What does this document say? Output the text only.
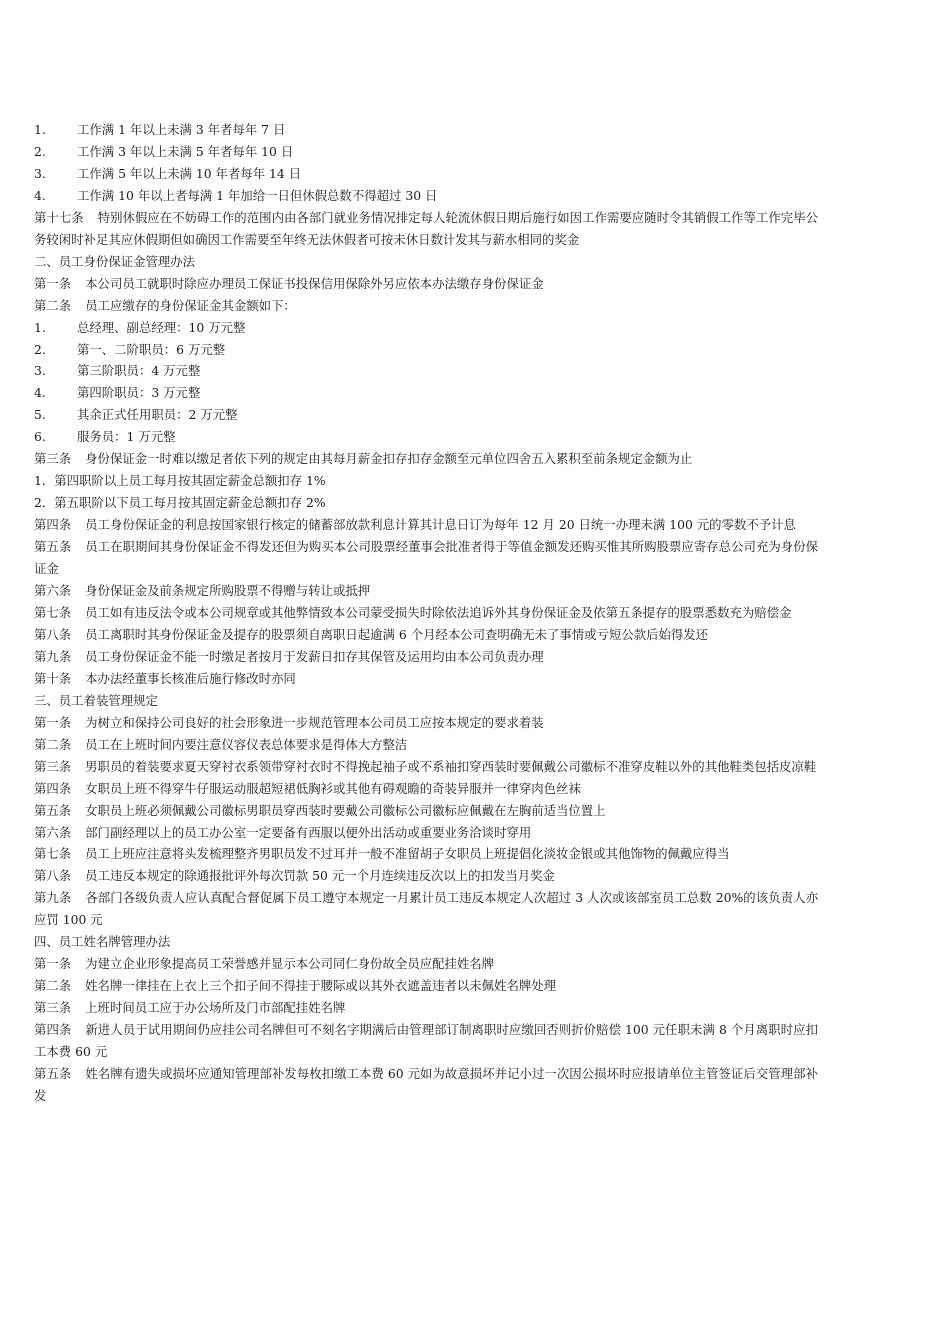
1.	工作满 1 年以上未满 3 年者每年 7 日
2.	工作满 3 年以上未满 5 年者每年 10 日
3.	工作满 5 年以上未满 10 年者每年 14 日
4.	工作满 10 年以上者每满 1 年加给一日但休假总数不得超过 30 日
第十七条 特别休假应在不妨碍工作的范围内由各部门就业务情况排定每人轮流休假日期后施行如因工作需要应随时令其销假工作等工作完毕公务较闲时补足其应休假期但如确因工作需要至年终无法休假者可按未休日数计发其与薪水相同的奖金
二、员工身份保证金管理办法
第一条 本公司员工就职时除应办理员工保证书投保信用保除外另应依本办法缴存身份保证金
第二条 员工应缴存的身份保证金其金额如下：
1.	总经理、副总经理：10 万元整
2.	第一、二阶职员：6 万元整
3.	第三阶职员：4 万元整
4.	第四阶职员：3 万元整
5.	其余正式任用职员：2 万元整
6.	服务员：1 万元整
第三条 身份保证金一时难以缴足者依下列的规定由其每月薪金扣存扣存金额至元单位四舍五入累积至前条规定金额为止
1．第四职阶以上员工每月按其固定薪金总额扣存 1%
2．第五职阶以下员工每月按其固定薪金总额扣存 2%
第四条 员工身份保证金的利息按国家银行核定的储蓄部放款利息计算其计息日订为每年 12 月 20 日统一办理未满 100 元的零数不予计息
第五条 员工在职期间其身份保证金不得发还但为购买本公司股票经董事会批准者得于等值金额发还购买惟其所购股票应寄存总公司充为身份保证金
第六条 身份保证金及前条规定所购股票不得赠与转让或抵押
第七条 员工如有违反法令或本公司规章或其他弊情致本公司蒙受损失时除依法追诉外其身份保证金及依第五条提存的股票悉数充为赔偿金
第八条 员工离职时其身份保证金及提存的股票须自离职日起逾满 6 个月经本公司查明确无未了事情或亏短公款后始得发还
第九条 员工身份保证金不能一时缴足者按月于发薪日扣存其保管及运用均由本公司负责办理
第十条 本办法经董事长核准后施行修改时亦同
三、员工着装管理规定
第一条 为树立和保持公司良好的社会形象进一步规范管理本公司员工应按本规定的要求着装
第二条 员工在上班时间内要注意仪容仪表总体要求是得体大方整洁
第三条 男职员的着装要求夏天穿衬衣系领带穿衬衣时不得挽起袖子或不系袖扣穿西装时要佩戴公司徽标不准穿皮鞋以外的其他鞋类包括皮凉鞋
第四条 女职员上班不得穿牛仔服运动服超短裙低胸衫或其他有碍观瞻的奇装异服并一律穿肉色丝袜
第五条 女职员上班必须佩戴公司徽标男职员穿西装时要戴公司徽标公司徽标应佩戴在左胸前适当位置上
第六条 部门副经理以上的员工办公室一定要备有西服以便外出活动或重要业务洽谈时穿用
第七条 员工上班应注意将头发梳理整齐男职员发不过耳并一般不准留胡子女职员上班提倡化淡妆金银或其他饰物的佩戴应得当
第八条 员工违反本规定的除通报批评外每次罚款 50 元一个月连续违反次以上的扣发当月奖金
第九条 各部门各级负责人应认真配合督促属下员工遵守本规定一月累计员工违反本规定人次超过 3 人次或该部室员工总数 20%的该负责人亦应罚 100 元
四、员工姓名牌管理办法
第一条 为建立企业形象提高员工荣誉感并显示本公司同仁身份故全员应配挂姓名牌
第二条 姓名牌一律挂在上衣上三个扣子间不得挂于腰际或以其外衣遮盖违者以未佩姓名牌处理
第三条 上班时间员工应于办公场所及门市部配挂姓名牌
第四条 新进人员于试用期间仍应挂公司名牌但可不刻名字期满后由管理部订制离职时应缴回否则折价赔偿 100 元任职未满 8 个月离职时应扣工本费 60 元
第五条 姓名牌有遗失或损坏应通知管理部补发每枚扣缴工本费 60 元如为故意损坏并记小过一次因公损坏时应报请单位主管签证后交管理部补发
